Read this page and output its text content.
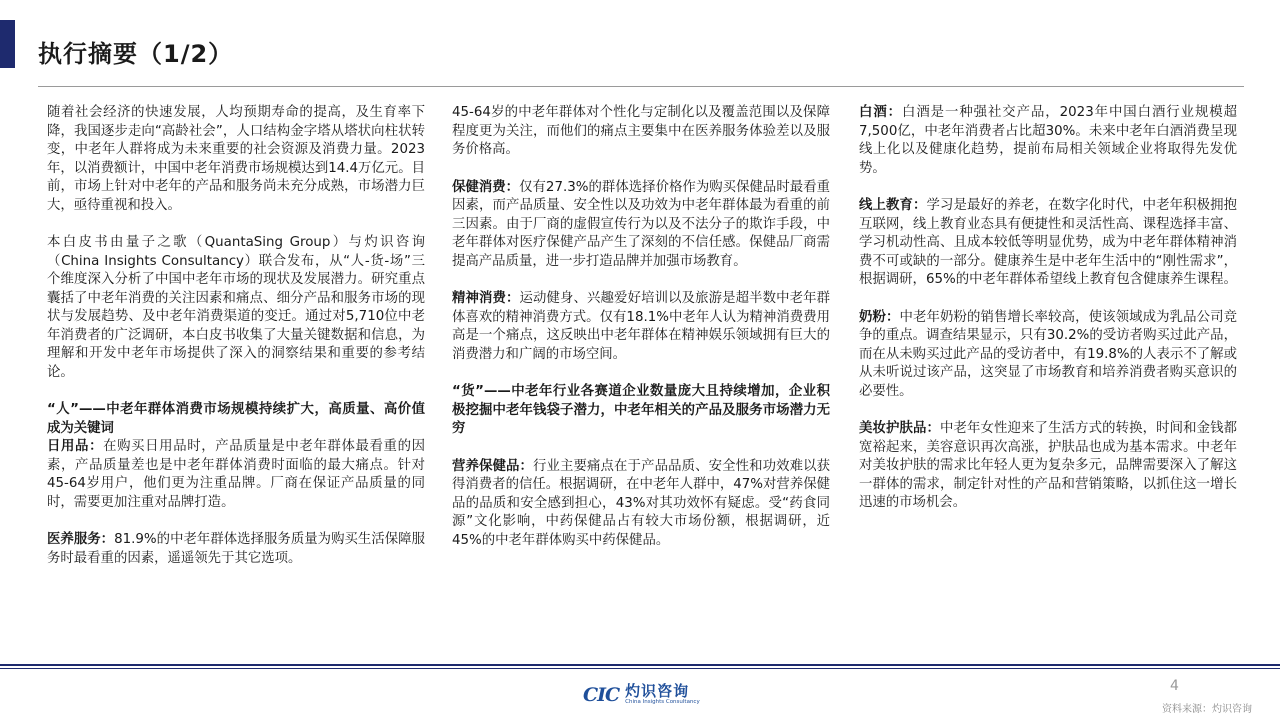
执行摘要（1/2）

随着社会经济的快速发展，人均预期寿命的提高，及生育率下降，我国逐步走向“高龄社会”，人口结构金字塔从塔状向柱状转变，中老年人群将成为未来重要的社会资源及消费力量。2023年，以消费额计，中国中老年消费市场规模达到14.4万亿元。目前，市场上针对中老年的产品和服务尚未充分成熟，市场潜力巨大，亟待重视和投入。

本白皮书由量子之歌（QuantaSing Group）与灼识咨询（China Insights Consultancy）联合发布，从“人-货-场”三个维度深入分析了中国中老年市场的现状及发展潜力。研究重点囊括了中老年消费的关注因素和痛点、细分产品和服务市场的现状与发展趋势、及中老年消费渠道的变迁。通过对5,710位中老年消费者的广泛调研，本白皮书收集了大量关键数据和信息，为理解和开发中老年市场提供了深入的洞察结果和重要的参考结论。

“人”——中老年群体消费市场规模持续扩大，高质量、高价值成为关键词

日用品：在购买日用品时，产品质量是中老年群体最看重的因素，产品质量差也是中老年群体消费时面临的最大痛点。针对45-64岁用户，他们更为注重品牌。厂商在保证产品质量的同时，需要更加注重对品牌打造。

医养服务：81.9%的中老年群体选择服务质量为购买生活保障服务时最看重的因素，遥遥领先于其它选项。

45-64岁的中老年群体对个性化与定制化以及覆盖范围以及保障程度更为关注，而他们的痛点主要集中在医养服务体验差以及服务价格高。

保健消费：仅有27.3%的群体选择价格作为购买保健品时最看重因素，而产品质量、安全性以及功效为中老年群体最为看重的前三因素。由于厂商的虚假宣传行为以及不法分子的欺诈手段，中老年群体对医疗保健产品产生了深刻的不信任感。保健品厂商需提高产品质量，进一步打造品牌并加强市场教育。

精神消费：运动健身、兴趣爱好培训以及旅游是超半数中老年群体喜欢的精神消费方式。仅有18.1%中老年人认为精神消费费用高是一个痛点，这反映出中老年群体在精神娱乐领域拥有巨大的消费潜力和广阔的市场空间。

“货”——中老年行业各赛道企业数量庞大且持续增加，企业积极挖掘中老年钱袋子潜力，中老年相关的产品及服务市场潜力无穷

营养保健品：行业主要痛点在于产品品质、安全性和功效难以获得消费者的信任。根据调研，在中老年人群中，47%对营养保健品的品质和安全感到担心，43%对其功效怀有疑虑。受“药食同源”文化影响，中药保健品占有较大市场份额，根据调研，近45%的中老年群体购买中药保健品。

白酒：白酒是一种强社交产品，2023年中国白酒行业规模超7,500亿，中老年消费者占比超30%。未来中老年白酒消费呈现线上化以及健康化趋势，提前布局相关领域企业将取得先发优势。

线上教育：学习是最好的养老，在数字化时代，中老年积极拥抱互联网，线上教育业态具有便捷性和灵活性高、课程选择丰富、学习机动性高、且成本较低等明显优势，成为中老年群体精神消费不可或缺的一部分。健康养生是中老年生活中的“刚性需求”，根据调研，65%的中老年群体希望线上教育包含健康养生课程。

奶粉：中老年奶粉的销售增长率较高，使该领域成为乳品公司竞争的重点。调查结果显示，只有30.2%的受访者购买过此产品，而在从未购买过此产品的受访者中，有19.8%的人表示不了解或从未听说过该产品，这突显了市场教育和培养消费者购买意识的必要性。

美妆护肤品：中老年女性迎来了生活方式的转换，时间和金钱都宽裕起来，美容意识再次高涨，护肤品也成为基本需求。中老年对美妆护肤的需求比年轻人更为复杂多元，品牌需要深入了解这一群体的需求，制定针对性的产品和营销策略，以抓住这一增长迅速的市场机会。

CIC 灼识咨询
China Insights Consultancy
4
资料来源：灼识咨询
